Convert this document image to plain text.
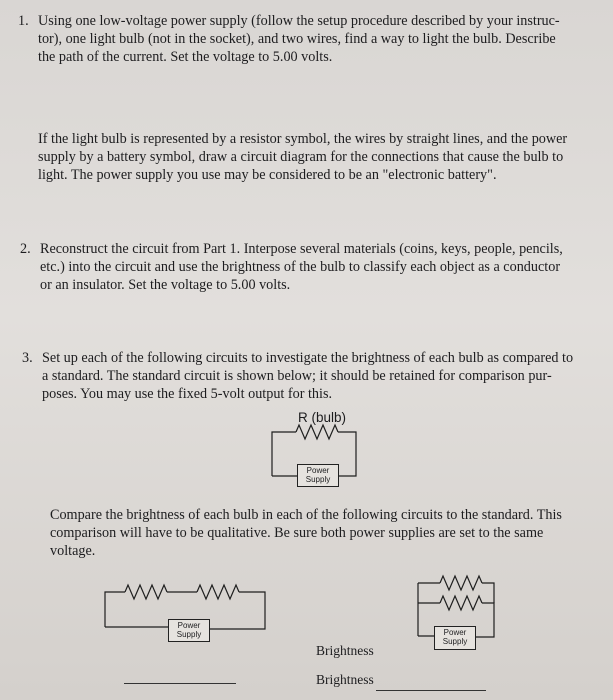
1. Using one low-voltage power supply (follow the setup procedure described by your instruc-
tor), one light bulb (not in the socket), and two wires, find a way to light the bulb. Describe
the path of the current. Set the voltage to 5.00 volts.
If the light bulb is represented by a resistor symbol, the wires by straight lines, and the power
supply by a battery symbol, draw a circuit diagram for the connections that cause the bulb to
light. The power supply you use may be considered to be an "electronic battery".
2. Reconstruct the circuit from Part 1. Interpose several materials (coins, keys, people, pencils,
etc.) into the circuit and use the brightness of the bulb to classify each object as a conductor
or an insulator. Set the voltage to 5.00 volts.
3. Set up each of the following circuits to investigate the brightness of each bulb as compared to
a standard. The standard circuit is shown below; it should be retained for comparison pur-
poses. You may use the fixed 5-volt output for this.
R (bulb)
Power
Supply
Compare the brightness of each bulb in each of the following circuits to the standard. This
comparison will have to be qualitative. Be sure both power supplies are set to the same
voltage.
Power
Supply
Brightness
Power
Supply
Brightness
